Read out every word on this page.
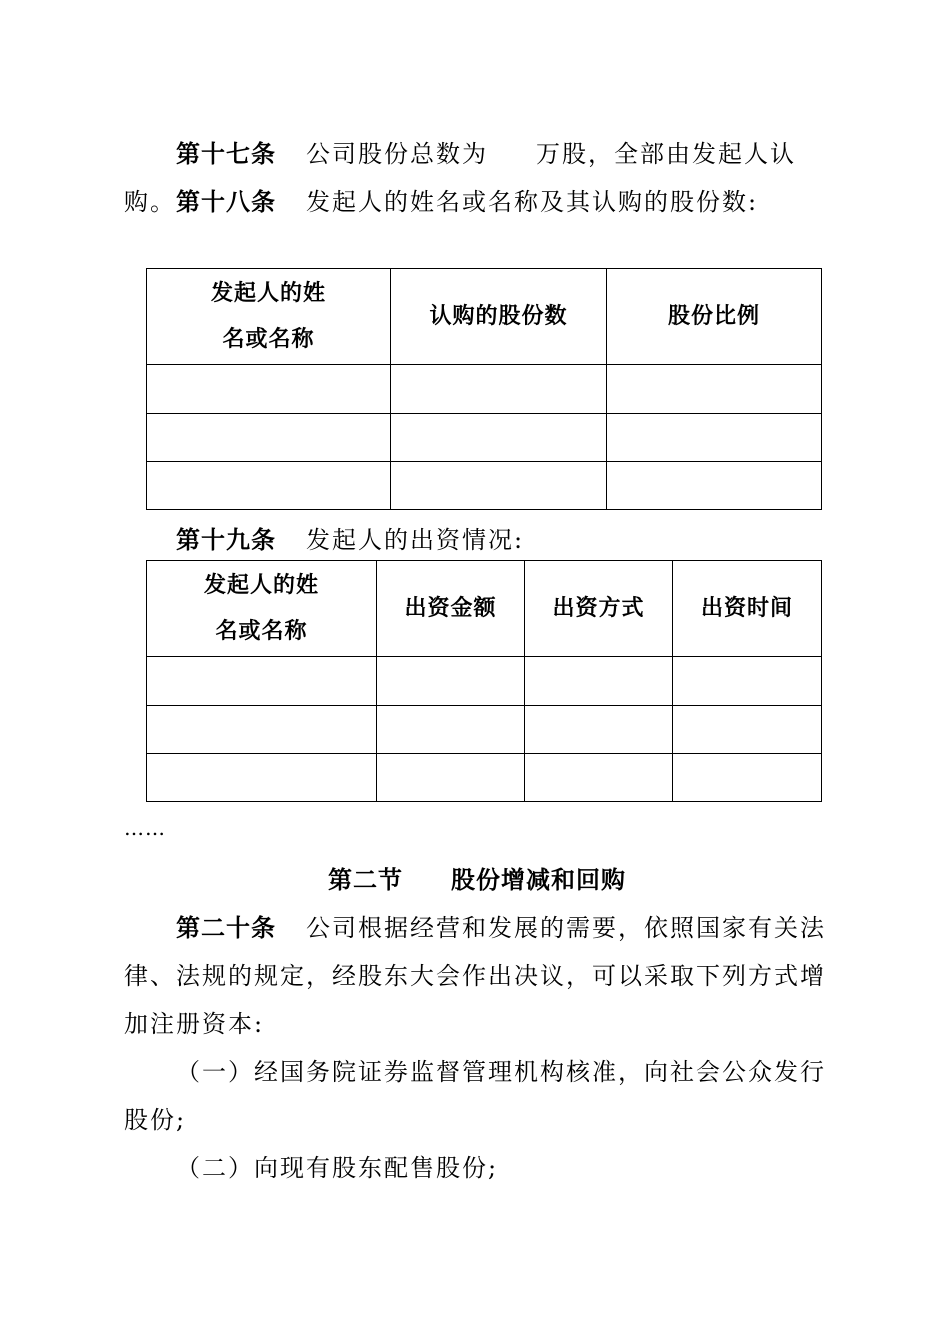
第十七条 公司股份总数为 万股，全部由发起人认购。 第十八条 发起人的姓名或名称及其认购的股份数:

发起人的姓名或名称	认购的股份数	股份比例

第十九条 发起人的出资情况:

发起人的姓名或名称	出资金额	出资方式	出资时间

……
第二节 股份增减和回购

第二十条 公司根据经营和发展的需要，依照国家有关法律、法规的规定，经股东大会作出决议，可以采取下列方式增加注册资本:

（一）经国务院证券监督管理机构核准，向社会公众发行股份;

（二）向现有股东配售股份;
